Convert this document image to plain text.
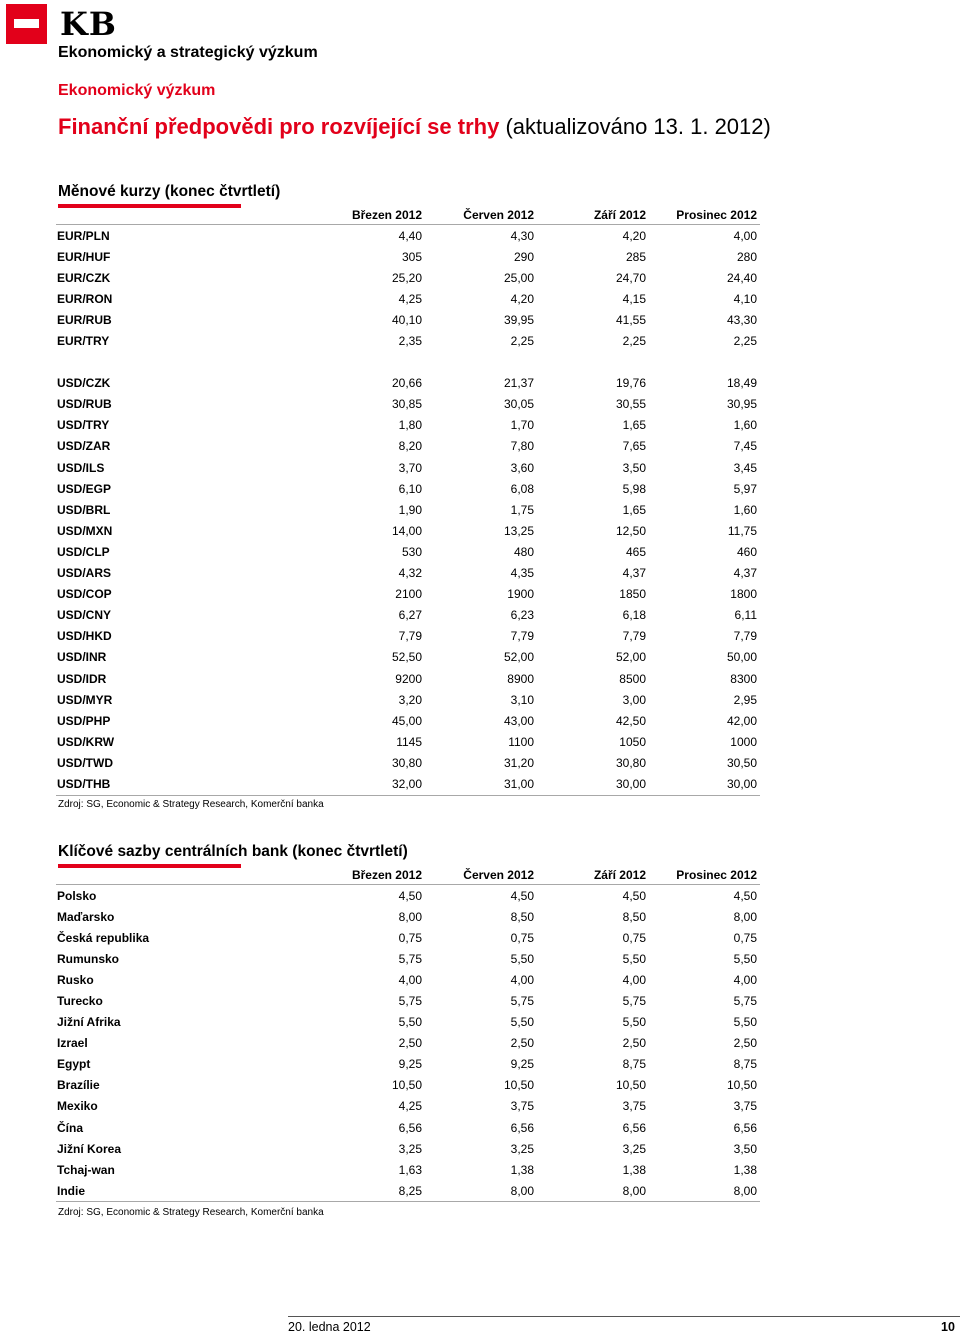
KB
Ekonomický a strategický výzkum
Ekonomický výzkum
Finanční předpovědi pro rozvíjející se trhy (aktualizováno 13. 1. 2012)
Měnové kurzy (konec čtvrtletí)
	Březen 2012	Červen 2012	Září 2012	Prosinec 2012
EUR/PLN	4,40	4,30	4,20	4,00
EUR/HUF	305	290	285	280
EUR/CZK	25,20	25,00	24,70	24,40
EUR/RON	4,25	4,20	4,15	4,10
EUR/RUB	40,10	39,95	41,55	43,30
EUR/TRY	2,35	2,25	2,25	2,25

USD/CZK	20,66	21,37	19,76	18,49
USD/RUB	30,85	30,05	30,55	30,95
USD/TRY	1,80	1,70	1,65	1,60
USD/ZAR	8,20	7,80	7,65	7,45
USD/ILS	3,70	3,60	3,50	3,45
USD/EGP	6,10	6,08	5,98	5,97
USD/BRL	1,90	1,75	1,65	1,60
USD/MXN	14,00	13,25	12,50	11,75
USD/CLP	530	480	465	460
USD/ARS	4,32	4,35	4,37	4,37
USD/COP	2100	1900	1850	1800
USD/CNY	6,27	6,23	6,18	6,11
USD/HKD	7,79	7,79	7,79	7,79
USD/INR	52,50	52,00	52,00	50,00
USD/IDR	9200	8900	8500	8300
USD/MYR	3,20	3,10	3,00	2,95
USD/PHP	45,00	43,00	42,50	42,00
USD/KRW	1145	1100	1050	1000
USD/TWD	30,80	31,20	30,80	30,50
USD/THB	32,00	31,00	30,00	30,00
Zdroj: SG, Economic & Strategy Research, Komerční banka
Klíčové sazby centrálních bank (konec čtvrtletí)
	Březen 2012	Červen 2012	Září 2012	Prosinec 2012
Polsko	4,50	4,50	4,50	4,50
Maďarsko	8,00	8,50	8,50	8,00
Česká republika	0,75	0,75	0,75	0,75
Rumunsko	5,75	5,50	5,50	5,50
Rusko	4,00	4,00	4,00	4,00
Turecko	5,75	5,75	5,75	5,75
Jižní Afrika	5,50	5,50	5,50	5,50
Izrael	2,50	2,50	2,50	2,50
Egypt	9,25	9,25	8,75	8,75
Brazílie	10,50	10,50	10,50	10,50
Mexiko	4,25	3,75	3,75	3,75
Čína	6,56	6,56	6,56	6,56
Jižní Korea	3,25	3,25	3,25	3,50
Tchaj-wan	1,63	1,38	1,38	1,38
Indie	8,25	8,00	8,00	8,00
Zdroj: SG, Economic & Strategy Research, Komerční banka
20. ledna 2012	10
